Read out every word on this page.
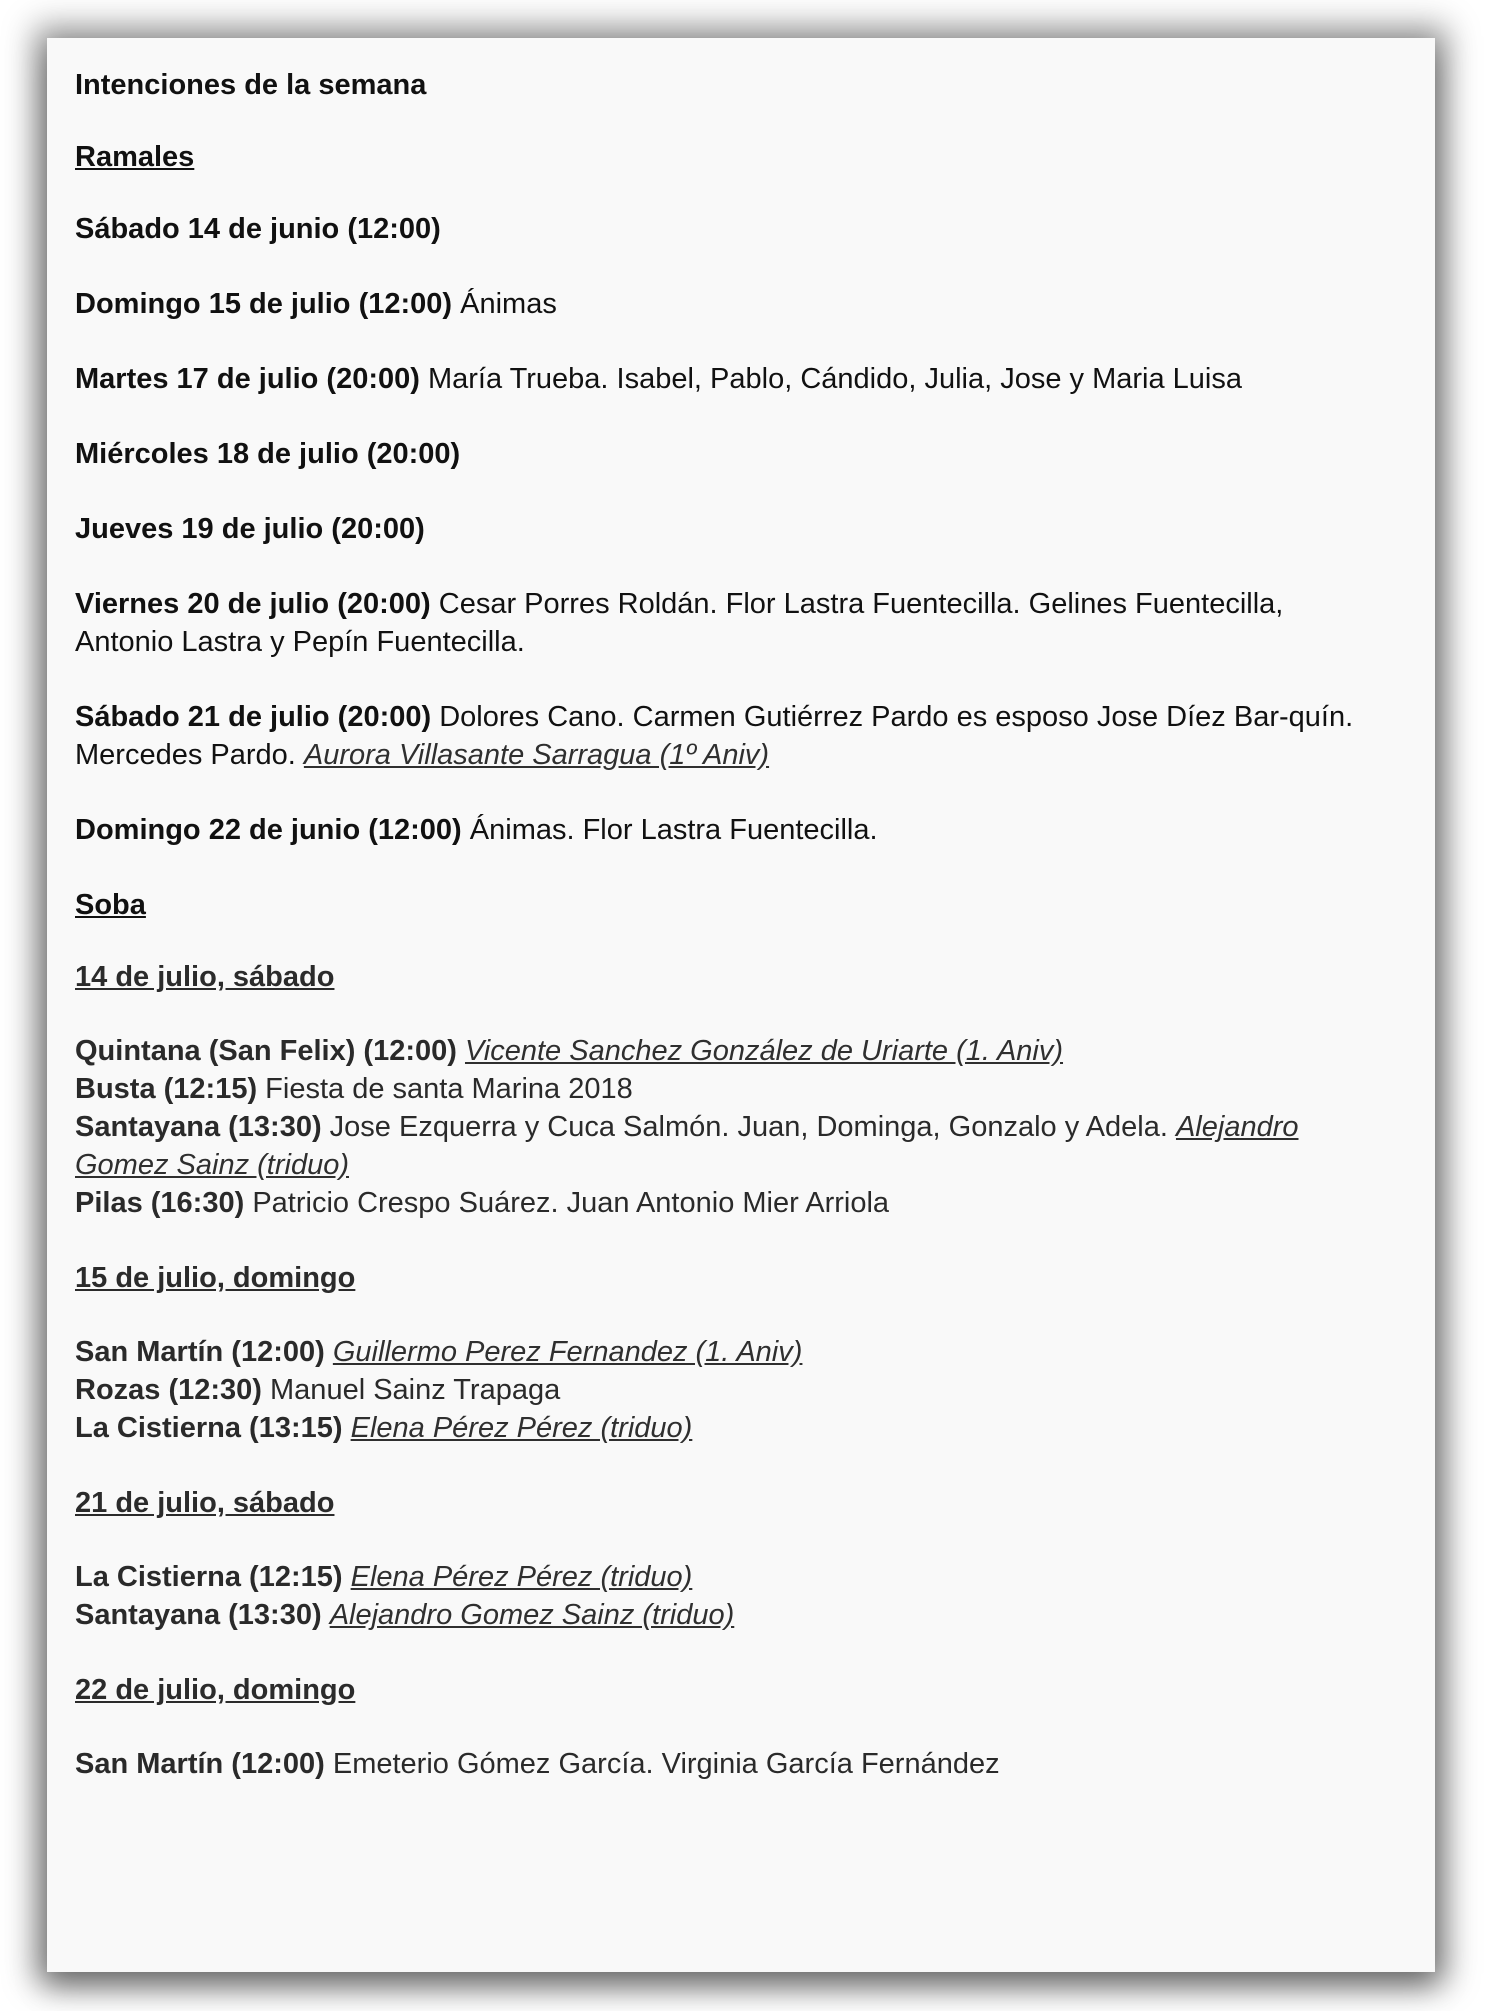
Intenciones de la semana
Ramales
Sábado 14 de junio (12:00)
Domingo 15 de julio (12:00) Ánimas
Martes 17 de julio (20:00) María Trueba. Isabel, Pablo, Cándido, Julia, Jose y Maria Luisa
Miércoles 18 de julio (20:00)
Jueves 19 de julio (20:00)
Viernes 20 de julio (20:00) Cesar Porres Roldán. Flor Lastra Fuentecilla. Gelines Fuentecilla, Antonio Lastra y Pepín Fuentecilla.
Sábado 21 de julio (20:00) Dolores Cano. Carmen Gutiérrez Pardo es esposo Jose Díez Bar-quín. Mercedes Pardo. Aurora Villasante Sarragua (1º Aniv)
Domingo 22 de junio (12:00) Ánimas. Flor Lastra Fuentecilla.
Soba
14 de julio, sábado
Quintana (San Felix) (12:00) Vicente Sanchez González de Uriarte (1. Aniv)
Busta (12:15) Fiesta de santa Marina 2018
Santayana (13:30) Jose Ezquerra y Cuca Salmón. Juan, Dominga, Gonzalo y Adela. Alejandro Gomez Sainz (triduo)
Pilas (16:30) Patricio Crespo Suárez. Juan Antonio Mier Arriola
15 de julio, domingo
San Martín (12:00) Guillermo Perez Fernandez (1. Aniv)
Rozas (12:30) Manuel Sainz Trapaga
La Cistierna (13:15) Elena Pérez Pérez (triduo)
21 de julio, sábado
La Cistierna (12:15) Elena Pérez Pérez (triduo)
Santayana (13:30) Alejandro Gomez Sainz (triduo)
22 de julio, domingo
San Martín (12:00) Emeterio Gómez García. Virginia García Fernández
